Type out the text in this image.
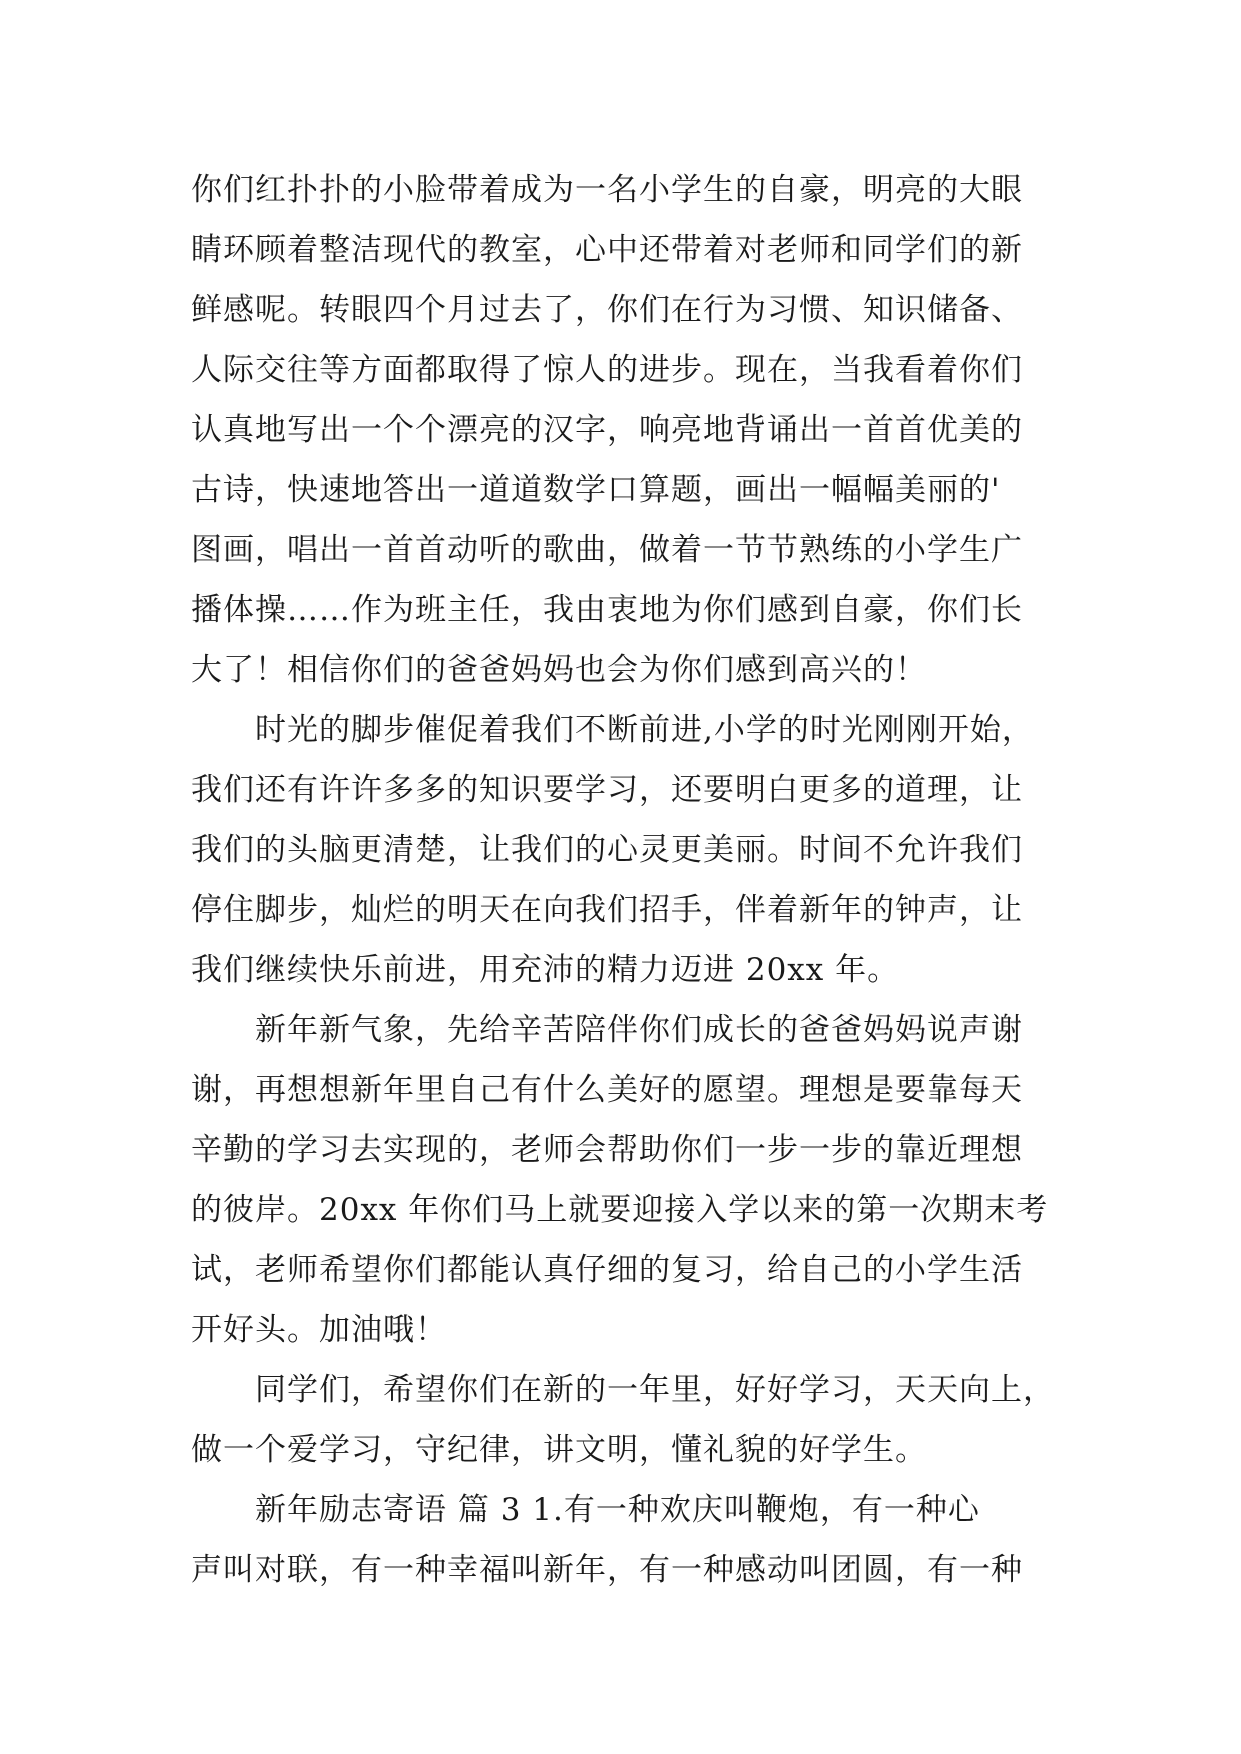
你们红扑扑的小脸带着成为一名小学生的自豪，明亮的大眼
睛环顾着整洁现代的教室，心中还带着对老师和同学们的新
鲜感呢。转眼四个月过去了，你们在行为习惯、知识储备、
人际交往等方面都取得了惊人的进步。现在，当我看着你们
认真地写出一个个漂亮的汉字，响亮地背诵出一首首优美的
古诗，快速地答出一道道数学口算题，画出一幅幅美丽的'
图画，唱出一首首动听的歌曲，做着一节节熟练的小学生广
播体操……作为班主任，我由衷地为你们感到自豪，你们长
大了！相信你们的爸爸妈妈也会为你们感到高兴的！
时光的脚步催促着我们不断前进,小学的时光刚刚开始，
我们还有许许多多的知识要学习，还要明白更多的道理，让
我们的头脑更清楚，让我们的心灵更美丽。时间不允许我们
停住脚步，灿烂的明天在向我们招手，伴着新年的钟声，让
我们继续快乐前进，用充沛的精力迈进 20xx 年。
新年新气象，先给辛苦陪伴你们成长的爸爸妈妈说声谢
谢，再想想新年里自己有什么美好的愿望。理想是要靠每天
辛勤的学习去实现的，老师会帮助你们一步一步的靠近理想
的彼岸。20xx 年你们马上就要迎接入学以来的第一次期末考
试，老师希望你们都能认真仔细的复习，给自己的小学生活
开好头。加油哦！
同学们，希望你们在新的一年里，好好学习，天天向上，
做一个爱学习，守纪律，讲文明，懂礼貌的好学生。
新年励志寄语 篇 3 1.有一种欢庆叫鞭炮，有一种心
声叫对联，有一种幸福叫新年，有一种感动叫团圆，有一种
